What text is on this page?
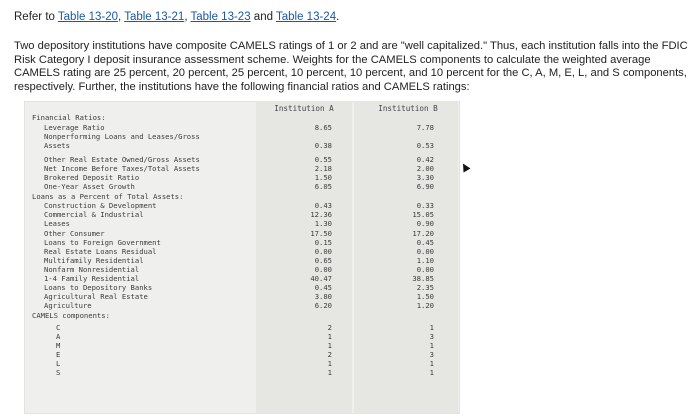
Refer to Table 13-20, Table 13-21, Table 13-23 and Table 13-24.

Two depository institutions have composite CAMELS ratings of 1 or 2 and are "well capitalized." Thus, each institution falls into the FDIC Risk Category I deposit insurance assessment scheme. Weights for the CAMELS components to calculate the weighted average CAMELS rating are 25 percent, 20 percent, 25 percent, 10 percent, 10 percent, and 10 percent for the C, A, M, E, L, and S components, respectively. Further, the institutions have the following financial ratios and CAMELS ratings:

Institution A	Institution B
Financial Ratios:
Leverage Ratio	8.65	7.78
Nonperforming Loans and Leases/Gross
Assets	0.38	0.53
Other Real Estate Owned/Gross Assets	0.55	0.42
Net Income Before Taxes/Total Assets	2.18	2.00
Brokered Deposit Ratio	1.50	3.30
One-Year Asset Growth	6.05	6.90
Loans as a Percent of Total Assets:
Construction & Development	0.43	0.33
Commercial & Industrial	12.36	15.05
Leases	1.30	0.90
Other Consumer	17.50	17.20
Loans to Foreign Government	0.15	0.45
Real Estate Loans Residual	0.00	0.00
Multifamily Residential	0.65	1.10
Nonfarm Nonresidential	0.00	0.00
1-4 Family Residential	40.47	38.85
Loans to Depository Banks	0.45	2.35
Agricultural Real Estate	3.80	1.50
Agriculture	6.20	1.20
CAMELS components:
C	2	1
A	1	3
M	1	1
E	2	3
L	1	1
S	1	1
